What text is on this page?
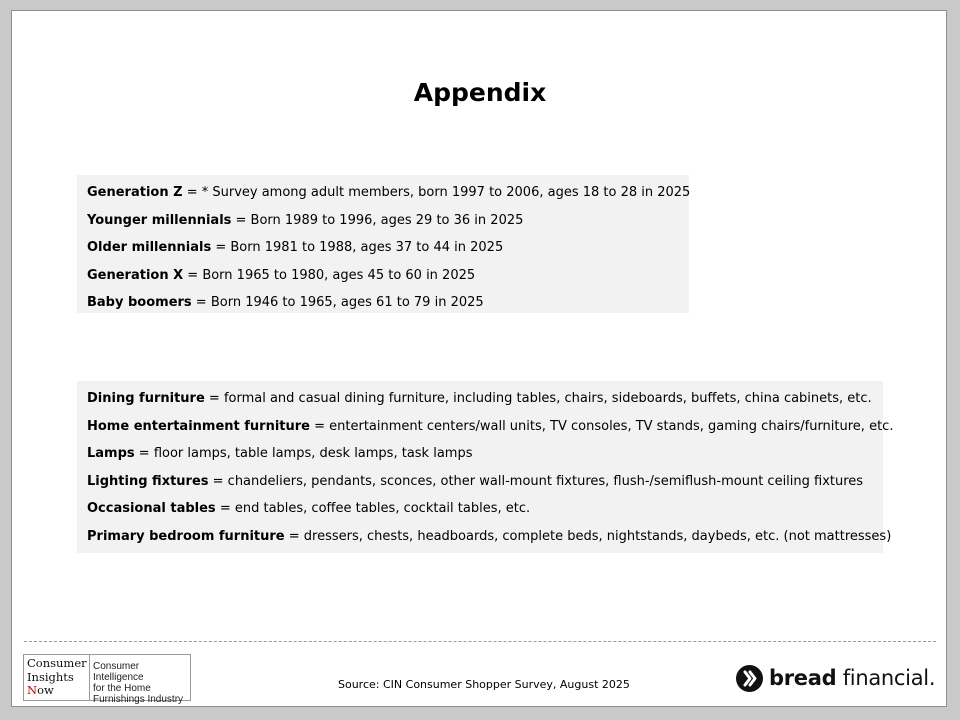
Appendix
Generation Z = * Survey among adult members, born 1997 to 2006, ages 18 to 28 in 2025
Younger millennials = Born 1989 to 1996, ages 29 to 36 in 2025
Older millennials = Born 1981 to 1988, ages 37 to 44 in 2025
Generation X = Born 1965 to 1980, ages 45 to 60 in 2025
Baby boomers = Born 1946 to 1965, ages 61 to 79 in 2025
Dining furniture = formal and casual dining furniture, including tables, chairs, sideboards, buffets, china cabinets, etc.
Home entertainment furniture = entertainment centers/wall units, TV consoles, TV stands, gaming chairs/furniture, etc.
Lamps = floor lamps, table lamps, desk lamps, task lamps
Lighting fixtures = chandeliers, pendants, sconces, other wall-mount fixtures, flush-/semiflush-mount ceiling fixtures
Occasional tables = end tables, coffee tables, cocktail tables, etc.
Primary bedroom furniture = dressers, chests, headboards, complete beds, nightstands, daybeds, etc. (not mattresses)
Consumer
Insights
Now
Consumer Intelligence
for the Home
Furnishings Industry
Source: CIN Consumer Shopper Survey, August 2025	bread financial.
